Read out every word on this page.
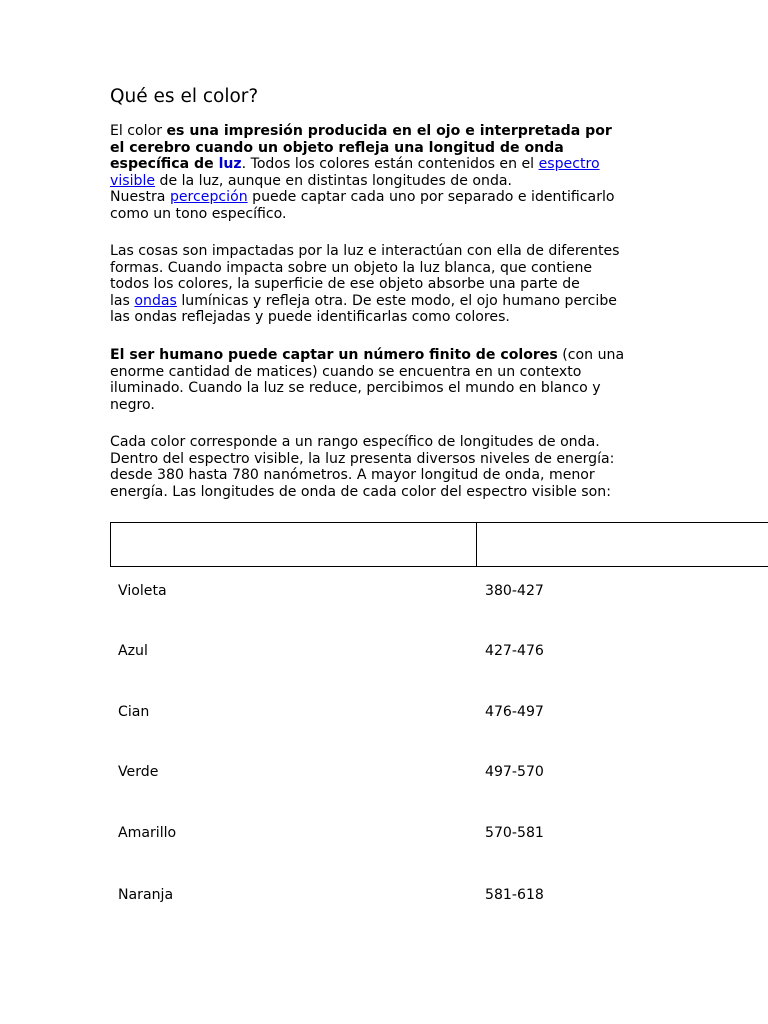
Qué es el color?

El color es una impresión producida en el ojo e interpretada por
el cerebro cuando un objeto refleja una longitud de onda
específica de luz. Todos los colores están contenidos en el espectro
visible de la luz, aunque en distintas longitudes de onda.
Nuestra percepción puede captar cada uno por separado e identificarlo
como un tono específico.

Las cosas son impactadas por la luz e interactúan con ella de diferentes
formas. Cuando impacta sobre un objeto la luz blanca, que contiene
todos los colores, la superficie de ese objeto absorbe una parte de
las ondas lumínicas y refleja otra. De este modo, el ojo humano percibe
las ondas reflejadas y puede identificarlas como colores.

El ser humano puede captar un número finito de colores (con una
enorme cantidad de matices) cuando se encuentra en un contexto
iluminado. Cuando la luz se reduce, percibimos el mundo en blanco y
negro.

Cada color corresponde a un rango específico de longitudes de onda.
Dentro del espectro visible, la luz presenta diversos niveles de energía:
desde 380 hasta 780 nanómetros. A mayor longitud de onda, menor
energía. Las longitudes de onda de cada color del espectro visible son:

Violeta	380-427
Azul	427-476
Cian	476-497
Verde	497-570
Amarillo	570-581
Naranja	581-618
